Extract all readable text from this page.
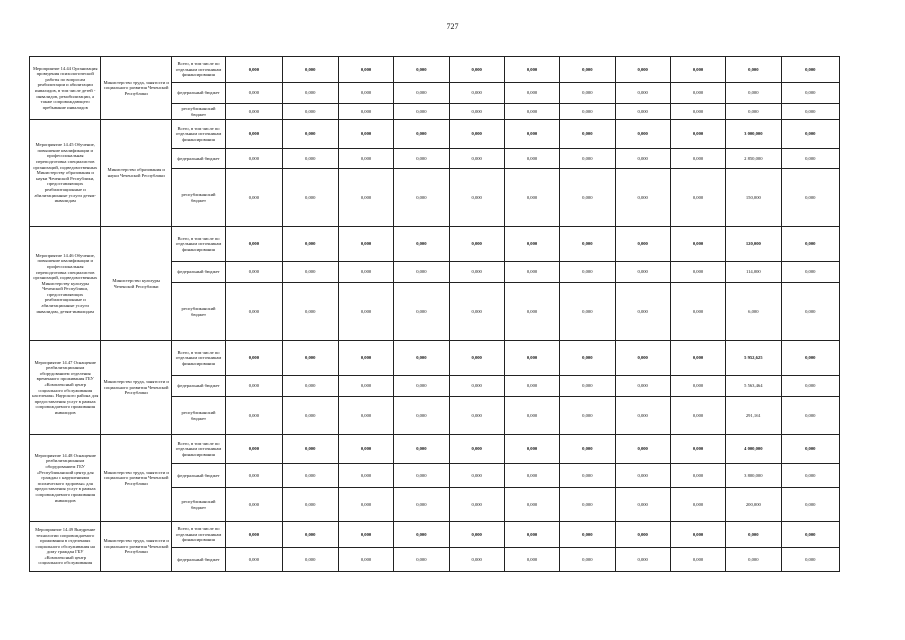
727
Мероприятие 14.44 Организация проведения психологической работы по вопросам реабилитации и абилитации инвалидов, в том числе детей - инвалидов, ремобилизации, а также сопровождающего пребывание инвалидов	Министерство труда, занятости и социального развития Чеченской Республики	Всего, в том числе по отдельным источникам финансирования	0,000	0,000	0,000	0,000	0,000	0,000	0,000	0,000	0,000	0,000	0,000
		федеральный бюджет	0,000	0,000	0,000	0,000	0,000	0,000	0,000	0,000	0,000	0,000	0,000
		республиканский бюджет	0,000	0,000	0,000	0,000	0,000	0,000	0,000	0,000	0,000	0,000	0,000
Мероприятие 14.45 Обучение, повышение квалификации и профессиональная переподготовка специалистов организаций, подведомственных Министерству образования и науки Чеченской Республики, предоставляющих реабилитационные и абилитационные услуги детям-инвалидам	Министерство образования и науки Чеченской Республики	Всего, в том числе по отдельным источникам финансирования	0,000	0,000	0,000	0,000	0,000	0,000	0,000	0,000	0,000	3 000,000	0,000
		федеральный бюджет	0,000	0,000	0,000	0,000	0,000	0,000	0,000	0,000	0,000	2 850,000	0,000
		республиканский бюджет	0,000	0,000	0,000	0,000	0,000	0,000	0,000	0,000	0,000	150,000	0,000
Мероприятие 14.46 Обучение, повышение квалификации и профессиональная переподготовка специалистов организаций, подведомственных Министерству культуры Чеченской Республики, предоставляющих реабилитационные и абилитационные услуги инвалидам, детям-инвалидам	Министерство культуры Чеченской Республики	Всего, в том числе по отдельным источникам финансирования	0,000	0,000	0,000	0,000	0,000	0,000	0,000	0,000	0,000	120,000	0,000
		федеральный бюджет	0,000	0,000	0,000	0,000	0,000	0,000	0,000	0,000	0,000	114,000	0,000
		республиканский бюджет	0,000	0,000	0,000	0,000	0,000	0,000	0,000	0,000	0,000	6,000	0,000
Мероприятие 14.47 Оснащение реабилитационным оборудованием отделения временного проживания ГБУ «Комплексный центр социального обслуживания населения» Наурского района для предоставления услуг в рамках сопровождаемого проживания инвалидов	Министерство труда, занятости и социального развития Чеченской Республики	Всего, в том числе по отдельным источникам финансирования	0,000	0,000	0,000	0,000	0,000	0,000	0,000	0,000	0,000	5 952,625	0,000
		федеральный бюджет	0,000	0,000	0,000	0,000	0,000	0,000	0,000	0,000	0,000	5 563,464	0,000
		республиканский бюджет	0,000	0,000	0,000	0,000	0,000	0,000	0,000	0,000	0,000	291,161	0,000
Мероприятие 14.48 Оснащение реабилитационным оборудованием ГБУ «Республиканский центр для граждан с нарушениями психического здоровья» для предоставления услуг в рамках сопровождаемого проживания инвалидов	Министерство труда, занятости и социального развития Чеченской Республики	Всего, в том числе по отдельным источникам финансирования	0,000	0,000	0,000	0,000	0,000	0,000	0,000	0,000	0,000	4 000,000	0,000
		федеральный бюджет	0,000	0,000	0,000	0,000	0,000	0,000	0,000	0,000	0,000	3 800,000	0,000
		республиканский бюджет	0,000	0,000	0,000	0,000	0,000	0,000	0,000	0,000	0,000	200,000	0,000
Мероприятие 14.49 Внедрение технологии сопровождаемого проживания в отделениях социального обслуживания на дому граждан ГБУ «Комплексный центр социального обслуживания	Министерство труда, занятости и социального развития Чеченской Республики	Всего, в том числе по отдельным источникам финансирования	0,000	0,000	0,000	0,000	0,000	0,000	0,000	0,000	0,000	0,000	0,000
		федеральный бюджет	0,000	0,000	0,000	0,000	0,000	0,000	0,000	0,000	0,000	0,000	0,000
